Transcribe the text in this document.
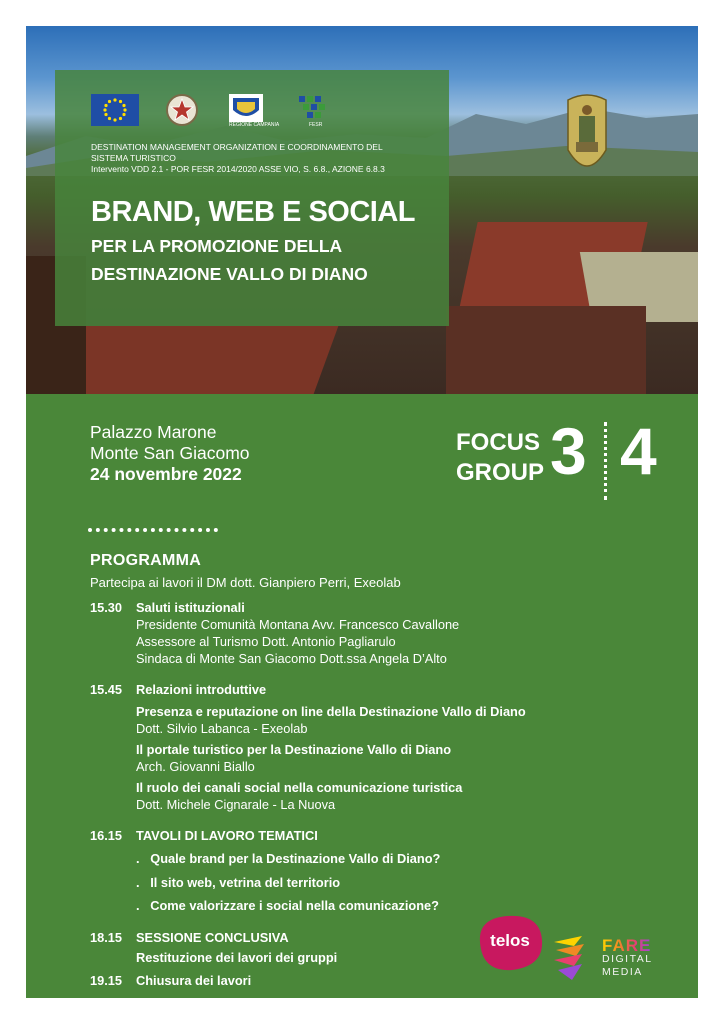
REGIONE CAMPANIA	FESR
DESTINATION MANAGEMENT ORGANIZATION E COORDINAMENTO DEL
SISTEMA TURISTICO
Intervento VDD 2.1 - POR FESR 2014/2020 ASSE VIO, S. 6.8., AZIONE 6.8.3
BRAND, WEB E SOCIAL
PER LA PROMOZIONE DELLA
DESTINAZIONE VALLO DI DIANO
Palazzo Marone
Monte San Giacomo
24 novembre 2022
FOCUS
GROUP 3 4
PROGRAMMA
Partecipa ai lavori il DM dott. Gianpiero Perri, Exeolab
15.30 Saluti istituzionali
Presidente Comunità Montana Avv. Francesco Cavallone
Assessore al Turismo Dott. Antonio Pagliarulo
Sindaca di Monte San Giacomo Dott.ssa Angela D’Alto
15.45 Relazioni introduttive
Presenza e reputazione on line della Destinazione Vallo di Diano
Dott. Silvio Labanca - Exeolab
Il portale turistico per la Destinazione Vallo di Diano
Arch. Giovanni Biallo
Il ruolo dei canali social nella comunicazione turistica
Dott. Michele Cignarale - La Nuova
16.15 TAVOLI DI LAVORO TEMATICI
. Quale brand per la Destinazione Vallo di Diano?
. Il sito web, vetrina del territorio
. Come valorizzare i social nella comunicazione?
18.15 SESSIONE CONCLUSIVA
Restituzione dei lavori dei gruppi
19.15 Chiusura dei lavori
telos	FARE
DIGITAL
MEDIA
